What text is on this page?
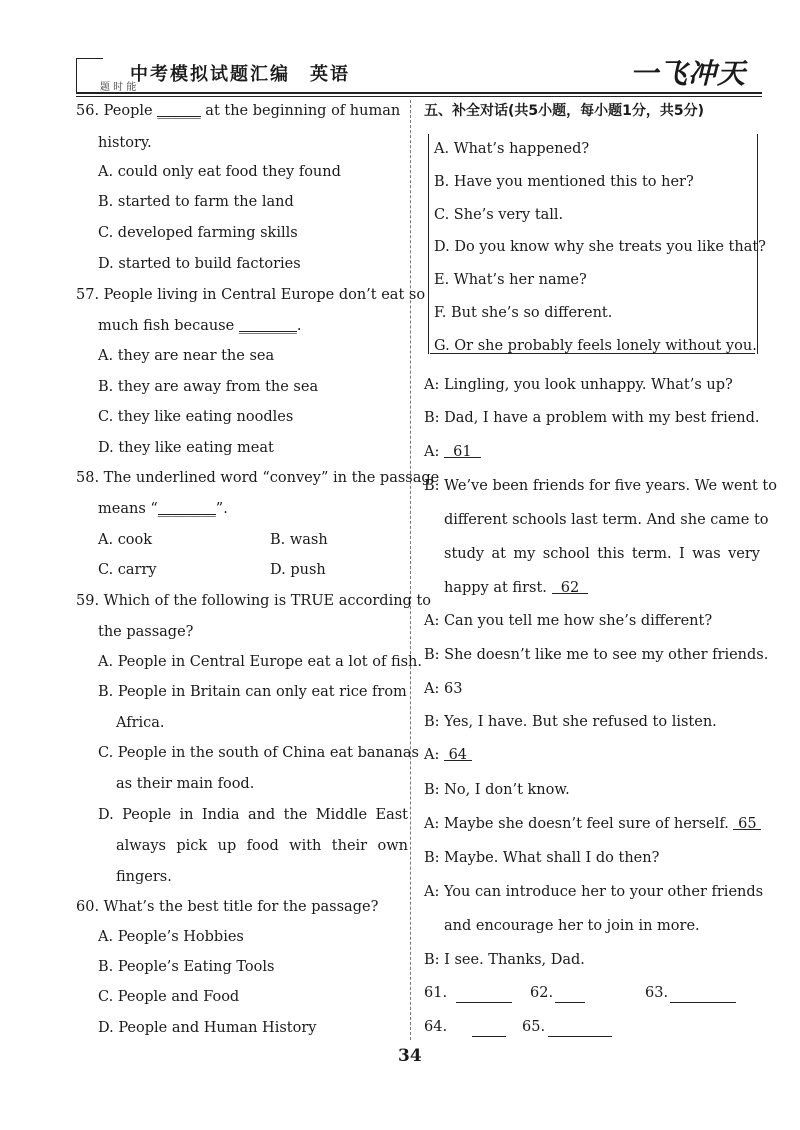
题 时 能
中考模拟试题汇编　英语	一飞冲天
56. People ______ at the beginning of human
history.
A. could only eat food they found
B. started to farm the land
C. developed farming skills
D. started to build factories
57. People living in Central Europe don’t eat so
much fish because ________.
A. they are near the sea
B. they are away from the sea
C. they like eating noodles
D. they like eating meat
58. The underlined word “convey” in the passage
means “________”.
A. cook	B. wash
C. carry	D. push
59. Which of the following is TRUE according to
the passage?
A. People in Central Europe eat a lot of fish.
B. People in Britain can only eat rice from
Africa.
C. People in the south of China eat bananas
as their main food.
D. People in India and the Middle East
always pick up food with their own
fingers.
60. What’s the best title for the passage?
A. People’s Hobbies
B. People’s Eating Tools
C. People and Food
D. People and Human History
五、补全对话(共5小题，每小题1分，共5分)
A. What’s happened?
B. Have you mentioned this to her?
C. She’s very tall.
D. Do you know why she treats you like that?
E. What’s her name?
F. But she’s so different.
G. Or she probably feels lonely without you.
A: Lingling, you look unhappy. What’s up?
B: Dad, I have a problem with my best friend.
A:   61
B: We’ve been friends for five years. We went to
different schools last term. And she came to
study at my school this term. I was very
happy at first.   62
A: Can you tell me how she’s different?
B: She doesn’t like me to see my other friends.
A: 63
B: Yes, I have. But she refused to listen.
A:  64
B: No, I don’t know.
A: Maybe she doesn’t feel sure of herself.  65
B: Maybe. What shall I do then?
A: You can introduce her to your other friends
and encourage her to join in more.
B: I see. Thanks, Dad.
61.	62.	63.
64.	65.
34
